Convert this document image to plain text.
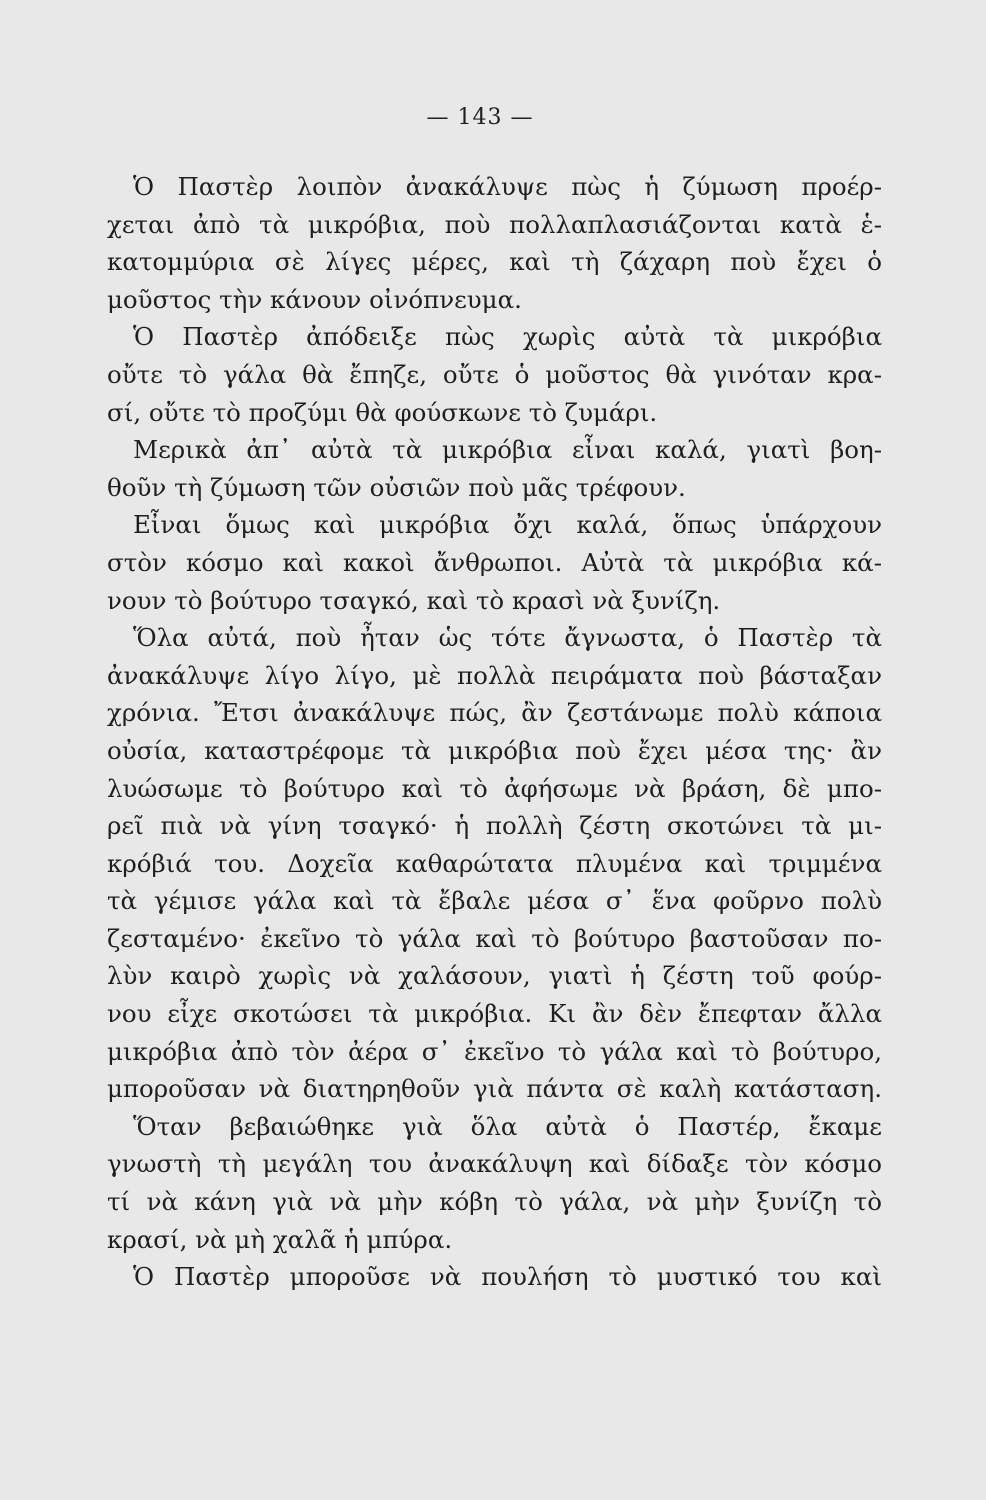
— 143 —
Ὁ Παστὲρ λοιπὸν ἀνακάλυψε πὼς ἡ ζύμωση προέρ-
χεται ἀπὸ τὰ μικρόβια, ποὺ πολλαπλασιάζονται κατὰ ἑ-
κατομμύρια σὲ λίγες μέρες, καὶ τὴ ζάχαρη ποὺ ἔχει ὁ
μοῦστος τὴν κάνουν οἰνόπνευμα.
Ὁ Παστὲρ ἀπόδειξε πὼς χωρὶς αὐτὰ τὰ μικρόβια
οὔτε τὸ γάλα θὰ ἔπηζε, οὔτε ὁ μοῦστος θὰ γινόταν κρα-
σί, οὔτε τὸ προζύμι θὰ φούσκωνε τὸ ζυμάρι.
Μερικὰ ἀπ᾽ αὐτὰ τὰ μικρόβια εἶναι καλά, γιατὶ βοη-
θοῦν τὴ ζύμωση τῶν οὐσιῶν ποὺ μᾶς τρέφουν.
Εἶναι ὅμως καὶ μικρόβια ὄχι καλά, ὅπως ὑπάρχουν
στὸν κόσμο καὶ κακοὶ ἄνθρωποι. Αὐτὰ τὰ μικρόβια κά-
νουν τὸ βούτυρο τσαγκό, καὶ τὸ κρασὶ νὰ ξυνίζη.
Ὅλα αὐτά, ποὺ ἦταν ὡς τότε ἄγνωστα, ὁ Παστὲρ τὰ
ἀνακάλυψε λίγο λίγο, μὲ πολλὰ πειράματα ποὺ βάσταξαν
χρόνια. Ἔτσι ἀνακάλυψε πώς, ἂν ζεστάνωμε πολὺ κάποια
οὐσία, καταστρέφομε τὰ μικρόβια ποὺ ἔχει μέσα της· ἂν
λυώσωμε τὸ βούτυρο καὶ τὸ ἀφήσωμε νὰ βράση, δὲ μπο-
ρεῖ πιὰ νὰ γίνη τσαγκό· ἡ πολλὴ ζέστη σκοτώνει τὰ μι-
κρόβιά του. Δοχεῖα καθαρώτατα πλυμένα καὶ τριμμένα
τὰ γέμισε γάλα καὶ τὰ ἔβαλε μέσα σ᾽ ἕνα φοῦρνο πολὺ
ζεσταμένο· ἐκεῖνο τὸ γάλα καὶ τὸ βούτυρο βαστοῦσαν πο-
λὺν καιρὸ χωρὶς νὰ χαλάσουν, γιατὶ ἡ ζέστη τοῦ φούρ-
νου εἶχε σκοτώσει τὰ μικρόβια. Κι ἂν δὲν ἔπεφταν ἄλλα
μικρόβια ἀπὸ τὸν ἀέρα σ᾽ ἐκεῖνο τὸ γάλα καὶ τὸ βούτυρο,
μποροῦσαν νὰ διατηρηθοῦν γιὰ πάντα σὲ καλὴ κατάσταση.
Ὅταν βεβαιώθηκε γιὰ ὅλα αὐτὰ ὁ Παστέρ, ἔκαμε
γνωστὴ τὴ μεγάλη του ἀνακάλυψη καὶ δίδαξε τὸν κόσμο
τί νὰ κάνη γιὰ νὰ μὴν κόβη τὸ γάλα, νὰ μὴν ξυνίζη τὸ
κρασί, νὰ μὴ χαλᾶ ἡ μπύρα.
Ὁ Παστὲρ μποροῦσε νὰ πουλήση τὸ μυστικό του καὶ
